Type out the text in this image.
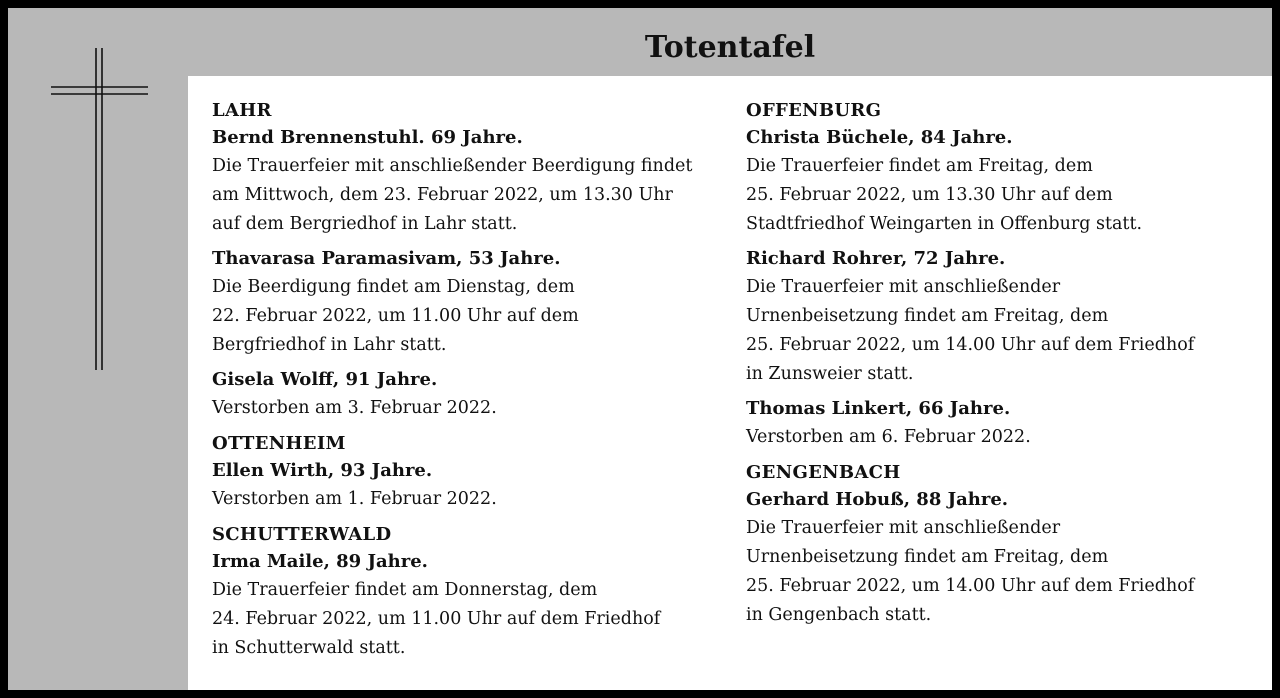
Totentafel
LAHR
Bernd Brennenstuhl. 69 Jahre.
Die Trauerfeier mit anschließender Beerdigung findet
am Mittwoch, dem 23. Februar 2022, um 13.30 Uhr
auf dem Bergriedhof in Lahr statt.
Thavarasa Paramasivam, 53 Jahre.
Die Beerdigung findet am Dienstag, dem
22. Februar 2022, um 11.00 Uhr auf dem
Bergfriedhof in Lahr statt.
Gisela Wolff, 91 Jahre.
Verstorben am 3. Februar 2022.
OTTENHEIM
Ellen Wirth, 93 Jahre.
Verstorben am 1. Februar 2022.
SCHUTTERWALD
Irma Maile, 89 Jahre.
Die Trauerfeier findet am Donnerstag, dem
24. Februar 2022, um 11.00 Uhr auf dem Friedhof
in Schutterwald statt.
OFFENBURG
Christa Büchele, 84 Jahre.
Die Trauerfeier findet am Freitag, dem
25. Februar 2022, um 13.30 Uhr auf dem
Stadtfriedhof Weingarten in Offenburg statt.
Richard Rohrer, 72 Jahre.
Die Trauerfeier mit anschließender
Urnenbeisetzung findet am Freitag, dem
25. Februar 2022, um 14.00 Uhr auf dem Friedhof
in Zunsweier statt.
Thomas Linkert, 66 Jahre.
Verstorben am 6. Februar 2022.
GENGENBACH
Gerhard Hobuß, 88 Jahre.
Die Trauerfeier mit anschließender
Urnenbeisetzung findet am Freitag, dem
25. Februar 2022, um 14.00 Uhr auf dem Friedhof
in Gengenbach statt.
